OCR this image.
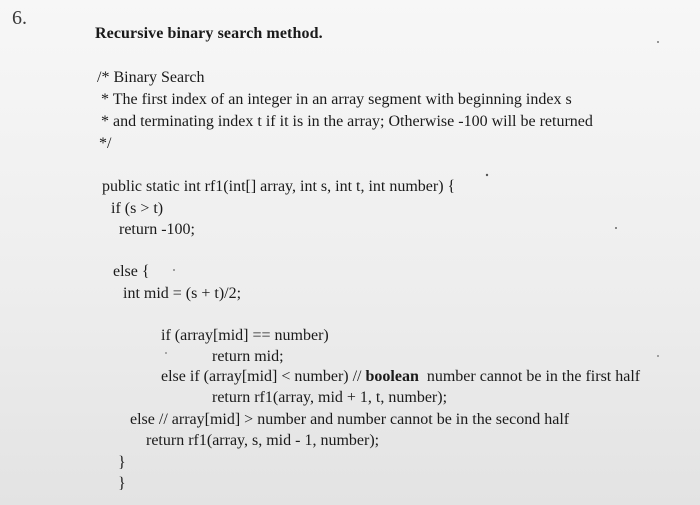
6.
Recursive binary search method.
/* Binary Search
* The first index of an integer in an array segment with beginning index s
* and terminating index t if it is in the array; Otherwise -100 will be returned
*/
public static int rf1(int[] array, int s, int t, int number) {
if (s > t)
return -100;
else {
int mid = (s + t)/2;
if (array[mid] == number)
return mid;
else if (array[mid] < number) // boolean  number cannot be in the first half
return rf1(array, mid + 1, t, number);
else // array[mid] > number and number cannot be in the second half
return rf1(array, s, mid - 1, number);
}
}
